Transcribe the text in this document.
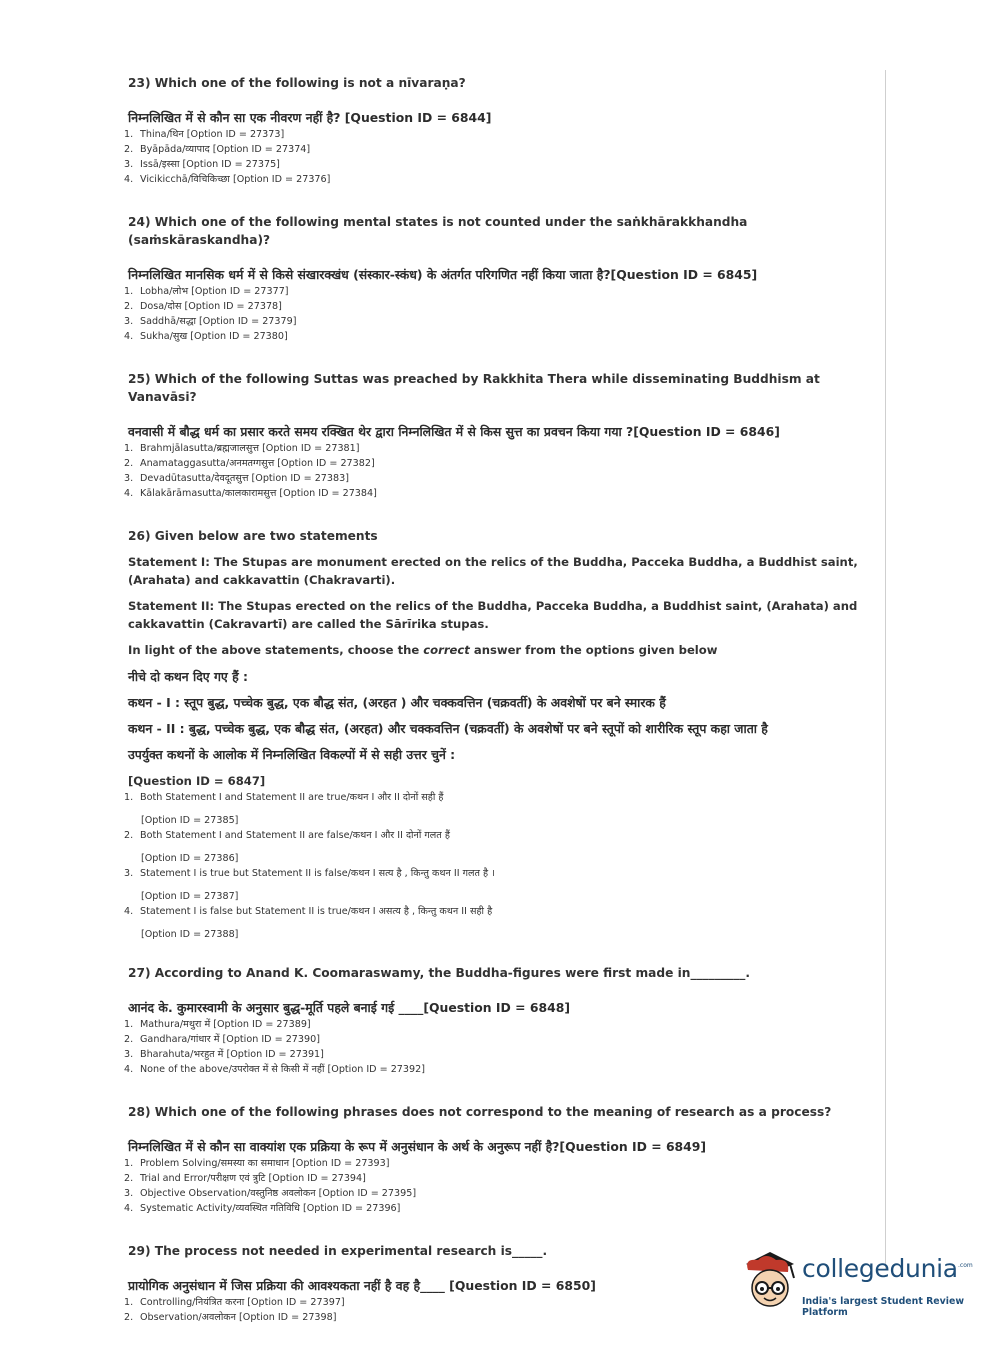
23) Which one of the following is not a nīvaraṇa?

निम्नलिखित में से कौन सा एक नीवरण नहीं है? [Question ID = 6844]

1. Thina/थिन [Option ID = 27373]
2. Byāpāda/व्यापाद [Option ID = 27374]
3. Issā/इस्सा [Option ID = 27375]
4. Vicikicchā/विचिकिच्छा [Option ID = 27376]

24) Which one of the following mental states is not counted under the saṅkhārakkhandha (saṁskāraskandha)?

निम्नलिखित मानसिक धर्म में से किसे संखारक्खंध (संस्कार-स्कंध) के अंतर्गत परिगणित नहीं किया जाता है?[Question ID = 6845]

1. Lobha/लोभ [Option ID = 27377]
2. Dosa/दोस [Option ID = 27378]
3. Saddhā/सद्धा [Option ID = 27379]
4. Sukha/सुख [Option ID = 27380]

25) Which of the following Suttas was preached by Rakkhita Thera while disseminating Buddhism at Vanavāsi?

वनवासी में बौद्ध धर्म का प्रसार करते समय रक्खित थेर द्वारा निम्नलिखित में से किस सुत्त का प्रवचन किया गया ?[Question ID = 6846]

1. Brahmjālasutta/ब्रह्मजालसुत्त [Option ID = 27381]
2. Anamataggasutta/अनमतग्गसुत्त [Option ID = 27382]
3. Devadūtasutta/देवदूतसुत्त [Option ID = 27383]
4. Kālakārāmasutta/कालकारामसुत्त [Option ID = 27384]

26) Given below are two statements

Statement I: The Stupas are monument erected on the relics of the Buddha, Pacceka Buddha, a Buddhist saint, (Arahata) and cakkavattin (Chakravarti).

Statement II: The Stupas erected on the relics of the Buddha, Pacceka Buddha, a Buddhist saint, (Arahata) and cakkavattin (Cakravartī) are called the Sārīrika stupas.

In light of the above statements, choose the correct answer from the options given below

नीचे दो कथन दिए गए हैं :

कथन - I : स्तूप बुद्ध, पच्चेक बुद्ध, एक बौद्ध संत, (अरहत ) और चक्कवत्तिन (चक्रवर्ती) के अवशेषों पर बने स्मारक हैं

कथन - II : बुद्ध, पच्चेक बुद्ध, एक बौद्ध संत, (अरहत) और चक्कवत्तिन (चक्रवर्ती) के अवशेषों पर बने स्तूपों को शारीरिक स्तूप कहा जाता है

उपर्युक्त कथनों के आलोक में निम्नलिखित विकल्पों में से सही उत्तर चुनें :

[Question ID = 6847]

1. Both Statement I and Statement II are true/कथन I और II दोनों सही हैं
[Option ID = 27385]
2. Both Statement I and Statement II are false/कथन I और II दोनों गलत हैं
[Option ID = 27386]
3. Statement I is true but Statement II is false/कथन I सत्य है , किन्तु कथन II गलत है ।
[Option ID = 27387]
4. Statement I is false but Statement II is true/कथन I असत्य है , किन्तु कथन II सही है
[Option ID = 27388]

27) According to Anand K. Coomaraswamy, the Buddha-figures were first made in_________.

आनंद के. कुमारस्वामी के अनुसार बुद्ध-मूर्ति पहले बनाई गई ____[Question ID = 6848]

1. Mathura/मथुरा में [Option ID = 27389]
2. Gandhara/गांधार में [Option ID = 27390]
3. Bharahuta/भरहुत में [Option ID = 27391]
4. None of the above/उपरोक्त में से किसी में नहीं [Option ID = 27392]

28) Which one of the following phrases does not correspond to the meaning of research as a process?

निम्नलिखित में से कौन सा वाक्यांश एक प्रक्रिया के रूप में अनुसंधान के अर्थ के अनुरूप नहीं है?[Question ID = 6849]

1. Problem Solving/समस्या का समाधान [Option ID = 27393]
2. Trial and Error/परीक्षण एवं त्रुटि [Option ID = 27394]
3. Objective Observation/वस्तुनिष्ठ अवलोकन [Option ID = 27395]
4. Systematic Activity/व्यवस्थित गतिविधि [Option ID = 27396]

29) The process not needed in experimental research is_____.

प्रायोगिक अनुसंधान में जिस प्रक्रिया की आवश्यकता नहीं है वह है____ [Question ID = 6850]

1. Controlling/नियंत्रित करना [Option ID = 27397]
2. Observation/अवलोकन [Option ID = 27398]
collegedunia .com
India's largest Student Review Platform
